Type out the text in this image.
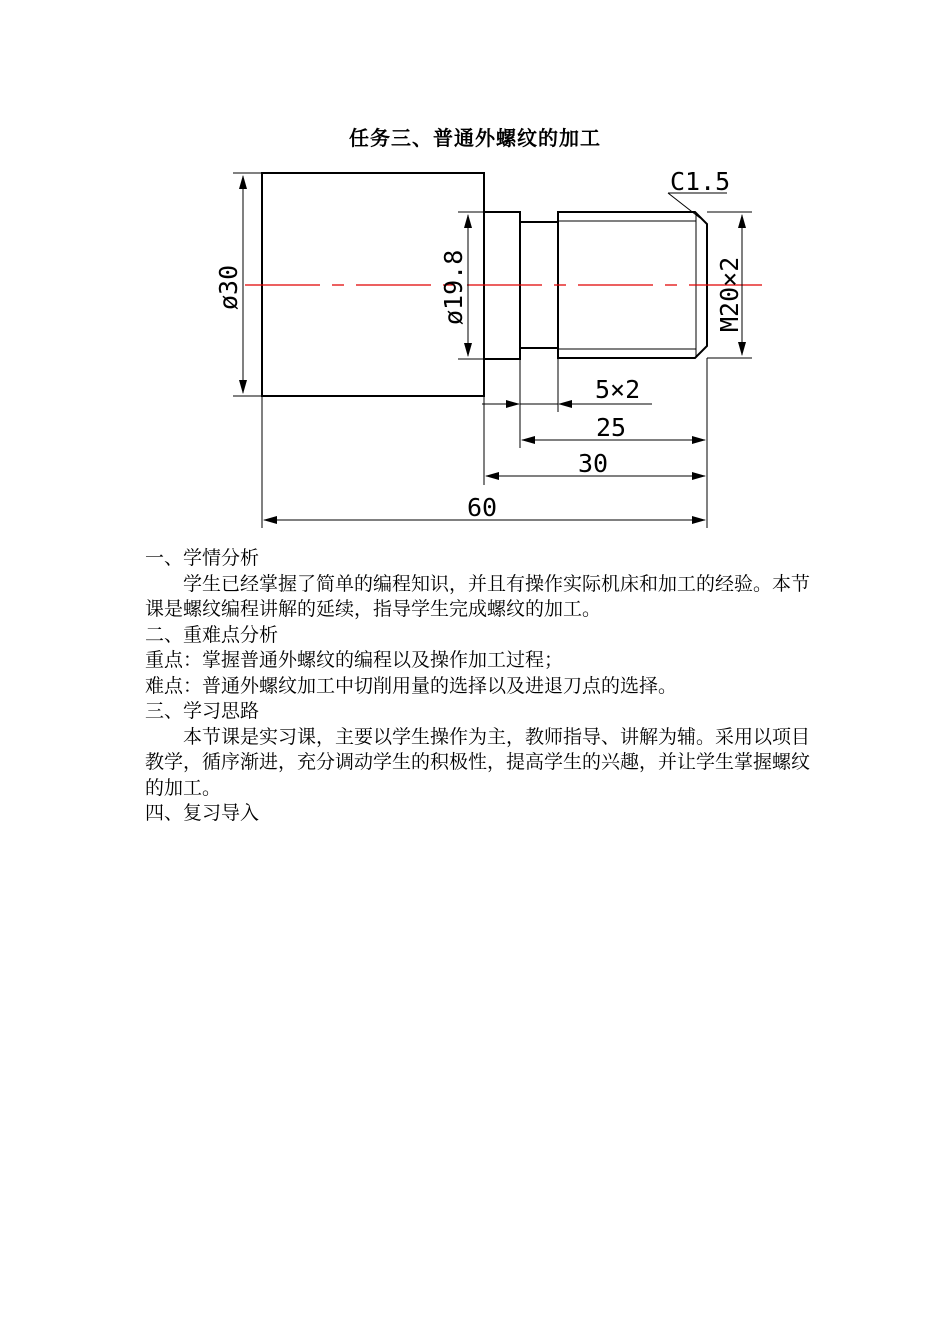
任务三、普通外螺纹的加工
ø30	ø19.8	M20×2
C1.5
5×2
25
30
60

一、学情分析

学生已经掌握了简单的编程知识，并且有操作实际机床和加工的经验。本节课是螺纹编程讲解的延续，指导学生完成螺纹的加工。

二、重难点分析

重点：掌握普通外螺纹的编程以及操作加工过程；

难点：普通外螺纹加工中切削用量的选择以及进退刀点的选择。

三、学习思路

本节课是实习课，主要以学生操作为主，教师指导、讲解为辅。采用以项目教学，循序渐进，充分调动学生的积极性，提高学生的兴趣，并让学生掌握螺纹的加工。

四、复习导入
